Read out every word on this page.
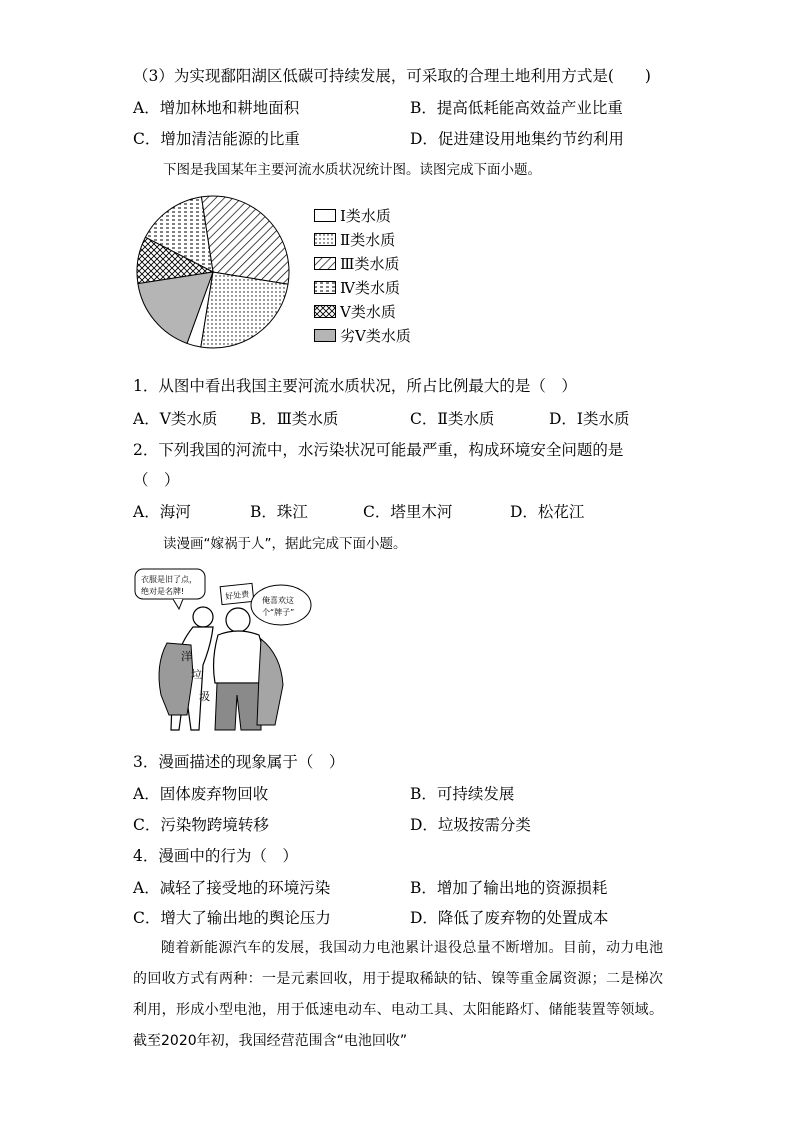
（3）为实现鄱阳湖区低碳可持续发展，可采取的合理土地利用方式是(　　)
A．增加林地和耕地面积	B．提高低耗能高效益产业比重
C．增加清洁能源的比重	D．促进建设用地集约节约利用
下图是我国某年主要河流水质状况统计图。读图完成下面小题。
Ⅰ类水质
Ⅱ类水质
Ⅲ类水质
Ⅳ类水质
Ⅴ类水质
劣Ⅴ类水质
1．从图中看出我国主要河流水质状况，所占比例最大的是（　）
A．Ⅴ类水质 B．Ⅲ类水质	C．Ⅱ类水质	D．Ⅰ类水质
2．下列我国的河流中，水污染状况可能最严重，构成环境安全问题的是
（　）
A．海河	B．珠江	C．塔里木河	D．松花江
读漫画“嫁祸于人”，据此完成下面小题。
衣服是旧了点，
绝对是名牌!	好处费 俺喜欢这
个“牌子”
洋
垃
圾
3．漫画描述的现象属于（　）
A．固体废弃物回收	B．可持续发展
C．污染物跨境转移	D．垃圾按需分类
4．漫画中的行为（　）
A．减轻了接受地的环境污染	B．增加了输出地的资源损耗
C．增大了输出地的舆论压力	D．降低了废弃物的处置成本

随着新能源汽车的发展，我国动力电池累计退役总量不断增加。目前，动力电池的回收方式有两种：一是元素回收，用于提取稀缺的钴、镍等重金属资源；二是梯次利用，形成小型电池，用于低速电动车、电动工具、太阳能路灯、储能装置等领域。截至2020年初，我国经营范围含“电池回收”
